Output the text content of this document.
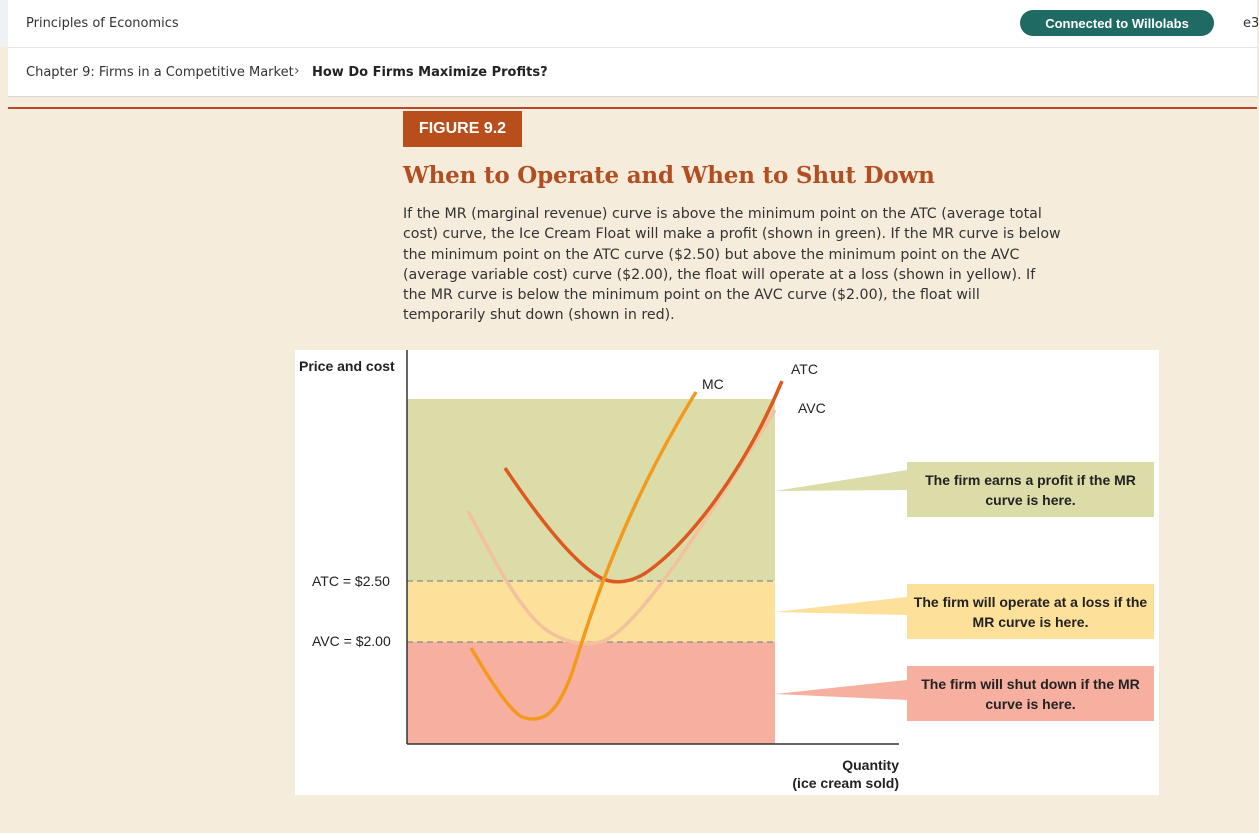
Principles of Economics	Connected to Willolabs	e3
Chapter 9: Firms in a Competitive Market › How Do Firms Maximize Profits?
FIGURE 9.2
When to Operate and When to Shut Down
If the MR (marginal revenue) curve is above the minimum point on the ATC (average total cost) curve, the Ice Cream Float will make a profit (shown in green). If the MR curve is below the minimum point on the ATC curve ($2.50) but above the minimum point on the AVC (average variable cost) curve ($2.00), the float will operate at a loss (shown in yellow). If the MR curve is below the minimum point on the AVC curve ($2.00), the float will temporarily shut down (shown in red).
Price and cost
ATC = $2.50
AVC = $2.00
MC
ATC
AVC
Quantity
(ice cream sold)
The firm earns a profit if the MR curve is here.
The firm will operate at a loss if the MR curve is here.
The firm will shut down if the MR curve is here.
